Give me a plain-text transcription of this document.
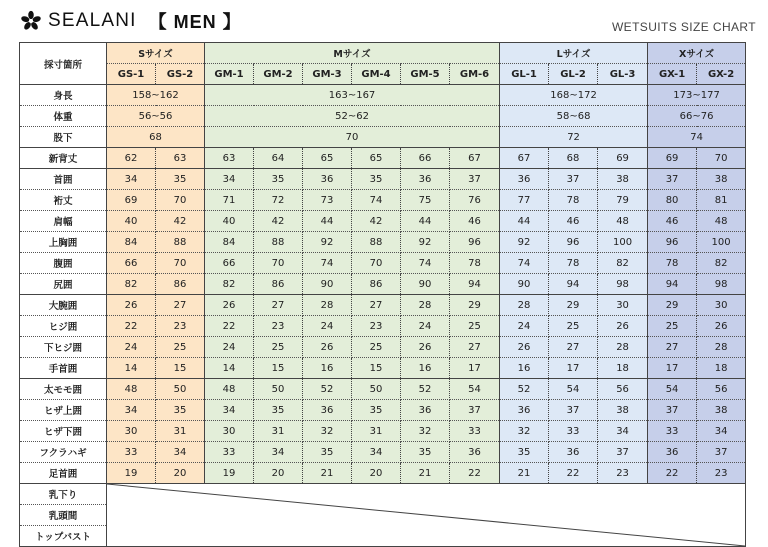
SEALANI 【 MEN 】	WETSUITS SIZE CHART
採寸箇所	Sサイズ		Mサイズ						Lサイズ			Xサイズ	
	GS-1	GS-2	GM-1	GM-2	GM-3	GM-4	GM-5	GM-6	GL-1	GL-2	GL-3	GX-1	GX-2
身長	158~162		163~167						168~172			173~177	
体重	56~56		52~62						58~68			66~76	
股下	68		70						72			74	
新背丈	62	63	63	64	65	65	66	67	67	68	69	69	70
首囲	34	35	34	35	36	35	36	37	36	37	38	37	38
裄丈	69	70	71	72	73	74	75	76	77	78	79	80	81
肩幅	40	42	40	42	44	42	44	46	44	46	48	46	48
上胸囲	84	88	84	88	92	88	92	96	92	96	100	96	100
腹囲	66	70	66	70	74	70	74	78	74	78	82	78	82
尻囲	82	86	82	86	90	86	90	94	90	94	98	94	98
大腕囲	26	27	26	27	28	27	28	29	28	29	30	29	30
ヒジ囲	22	23	22	23	24	23	24	25	24	25	26	25	26
下ヒジ囲	24	25	24	25	26	25	26	27	26	27	28	27	28
手首囲	14	15	14	15	16	15	16	17	16	17	18	17	18
太モモ囲	48	50	48	50	52	50	52	54	52	54	56	54	56
ヒザ上囲	34	35	34	35	36	35	36	37	36	37	38	37	38
ヒザ下囲	30	31	30	31	32	31	32	33	32	33	34	33	34
フクラハギ	33	34	33	34	35	34	35	36	35	36	37	36	37
足首囲	19	20	19	20	21	20	21	22	21	22	23	22	23
乳下り	

乳頭間													
トップバスト													
